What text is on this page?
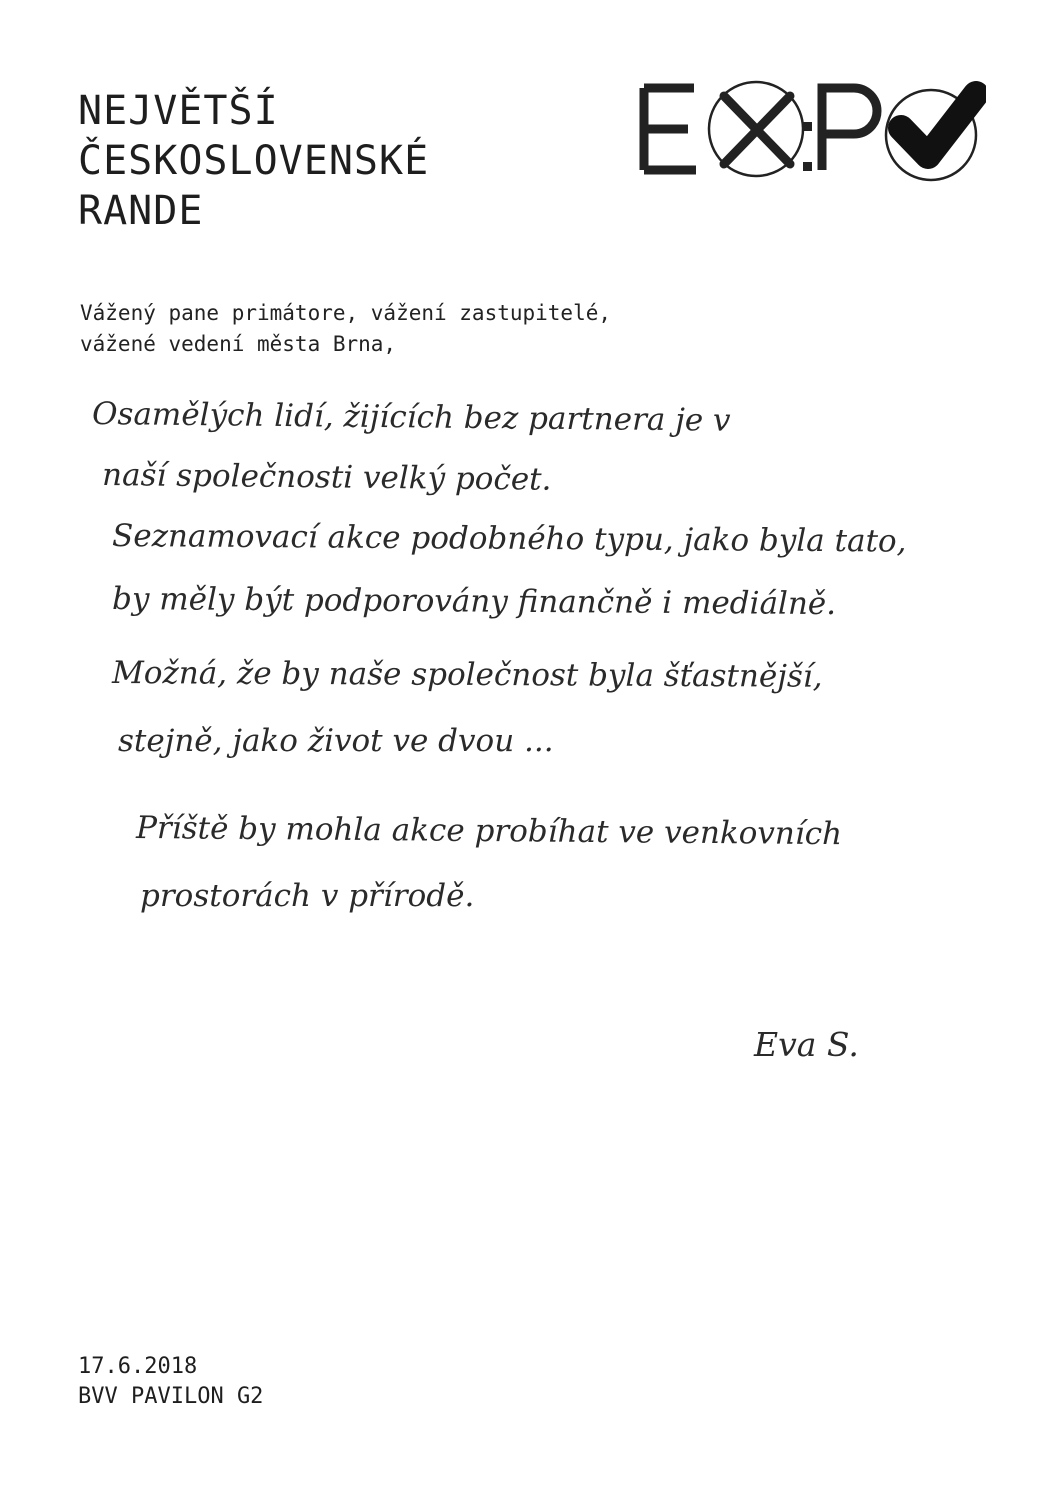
NEJVĚTŠÍ
ČESKOSLOVENSKÉ
RANDE
Vážený pane primátore, vážení zastupitelé,
vážené vedení města Brna,
Osamělých lidí, žijících bez partnera je v
naší společnosti velký počet.
Seznamovací akce podobného typu, jako byla tato,
by měly být podporovány finančně i mediálně.
Možná, že by naše společnost byla šťastnější,
stejně, jako život ve dvou ...
Příště by mohla akce probíhat ve venkovních
prostorách v přírodě.
Eva S.
17.6.2018
BVV PAVILON G2
